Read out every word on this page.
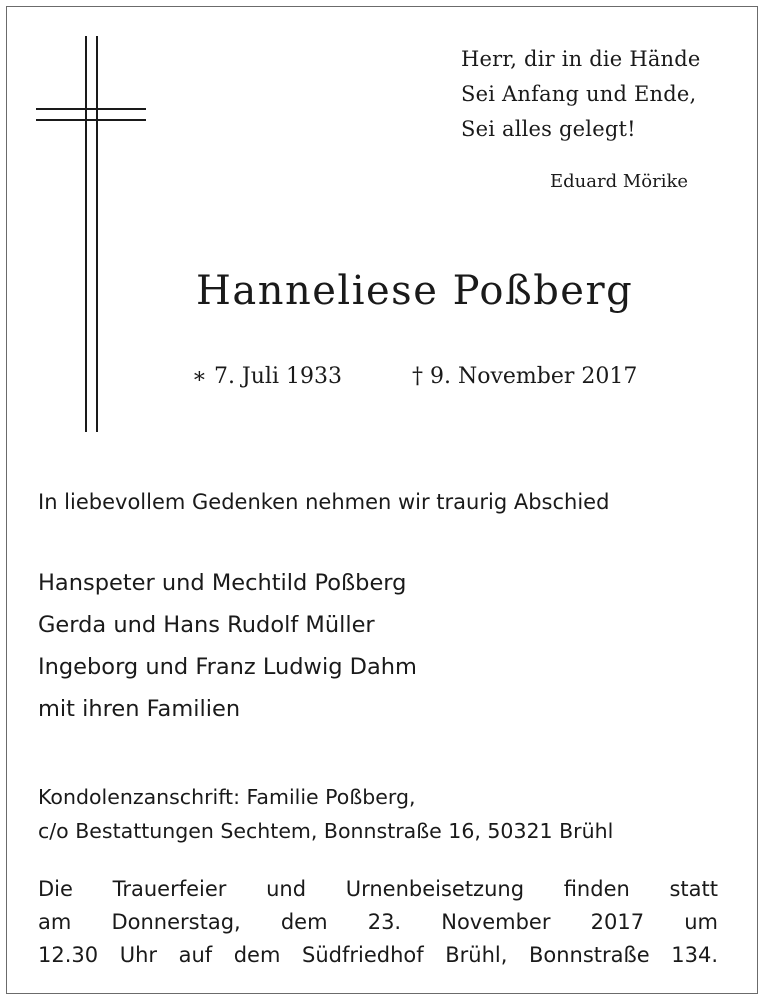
Herr, dir in die Hände
Sei Anfang und Ende,
Sei alles gelegt!
Eduard Mörike
Hanneliese Poßberg
∗ 7. Juli 1933	† 9. November 2017
In liebevollem Gedenken nehmen wir traurig Abschied
Hanspeter und Mechtild Poßberg
Gerda und Hans Rudolf Müller
Ingeborg und Franz Ludwig Dahm
mit ihren Familien
Kondolenzanschrift: Familie Poßberg,
c/o Bestattungen Sechtem, Bonnstraße 16, 50321 Brühl
Die Trauerfeier und Urnenbeisetzung finden statt
am Donnerstag, dem 23. November 2017 um
12.30 Uhr auf dem Südfriedhof Brühl, Bonnstraße 134.
